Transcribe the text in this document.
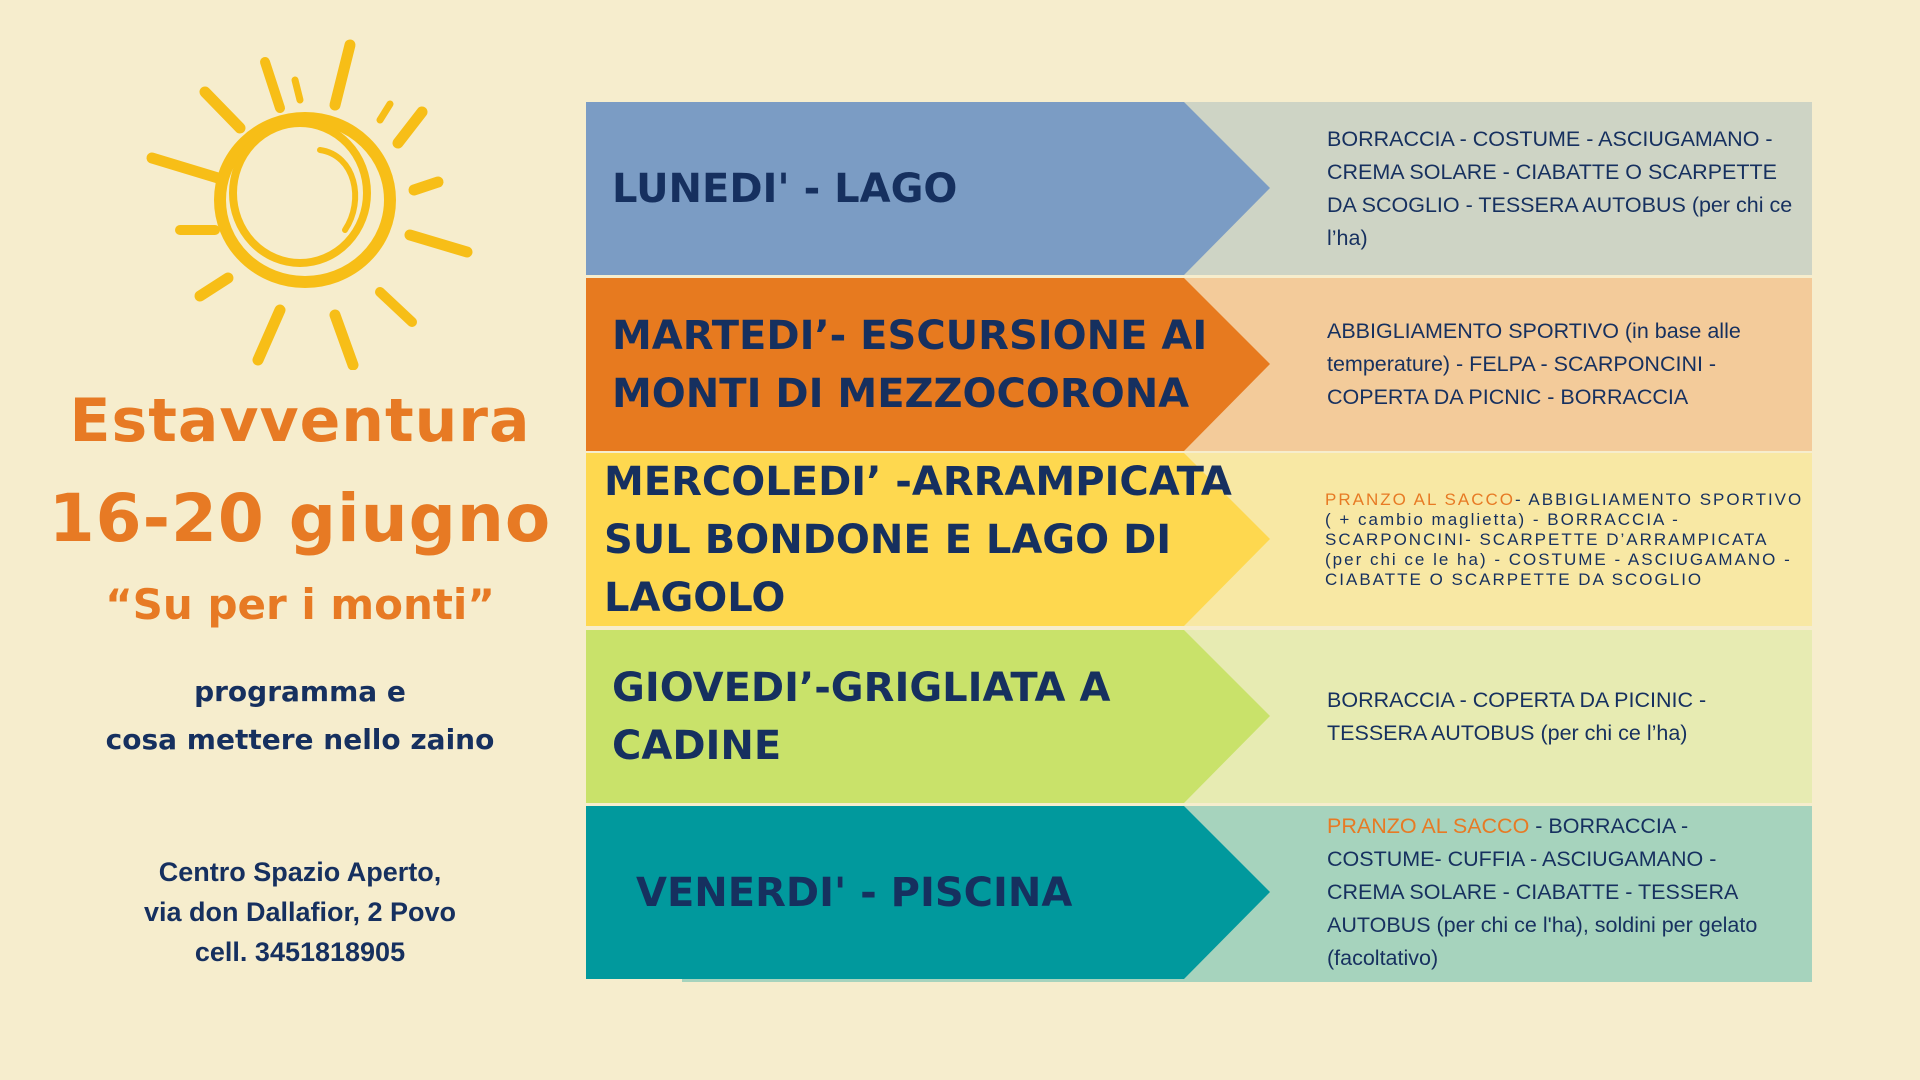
Estavventura
16-20 giugno
“Su per i monti”
programma e
cosa mettere nello zaino
Centro Spazio Aperto,
via don Dallafior, 2 Povo
cell. 3451818905
LUNEDI' - LAGO
BORRACCIA - COSTUME - ASCIUGAMANO - CREMA SOLARE - CIABATTE O SCARPETTE DA SCOGLIO - TESSERA AUTOBUS (per chi ce l’ha)
MARTEDI’- ESCURSIONE AI MONTI DI MEZZOCORONA
ABBIGLIAMENTO SPORTIVO (in base alle temperature) - FELPA - SCARPONCINI - COPERTA DA PICNIC - BORRACCIA
MERCOLEDI’ -ARRAMPICATA SUL BONDONE E LAGO DI LAGOLO
PRANZO AL SACCO- ABBIGLIAMENTO SPORTIVO ( + cambio maglietta) - BORRACCIA - SCARPONCINI- SCARPETTE D’ARRAMPICATA (per chi ce le ha) - COSTUME - ASCIUGAMANO - CIABATTE O SCARPETTE DA SCOGLIO
GIOVEDI’-GRIGLIATA A CADINE
BORRACCIA - COPERTA DA PICINIC - TESSERA AUTOBUS (per chi ce l’ha)
VENERDI' - PISCINA
PRANZO AL SACCO - BORRACCIA - COSTUME- CUFFIA - ASCIUGAMANO - CREMA SOLARE - CIABATTE - TESSERA AUTOBUS (per chi ce l'ha), soldini per gelato (facoltativo)
